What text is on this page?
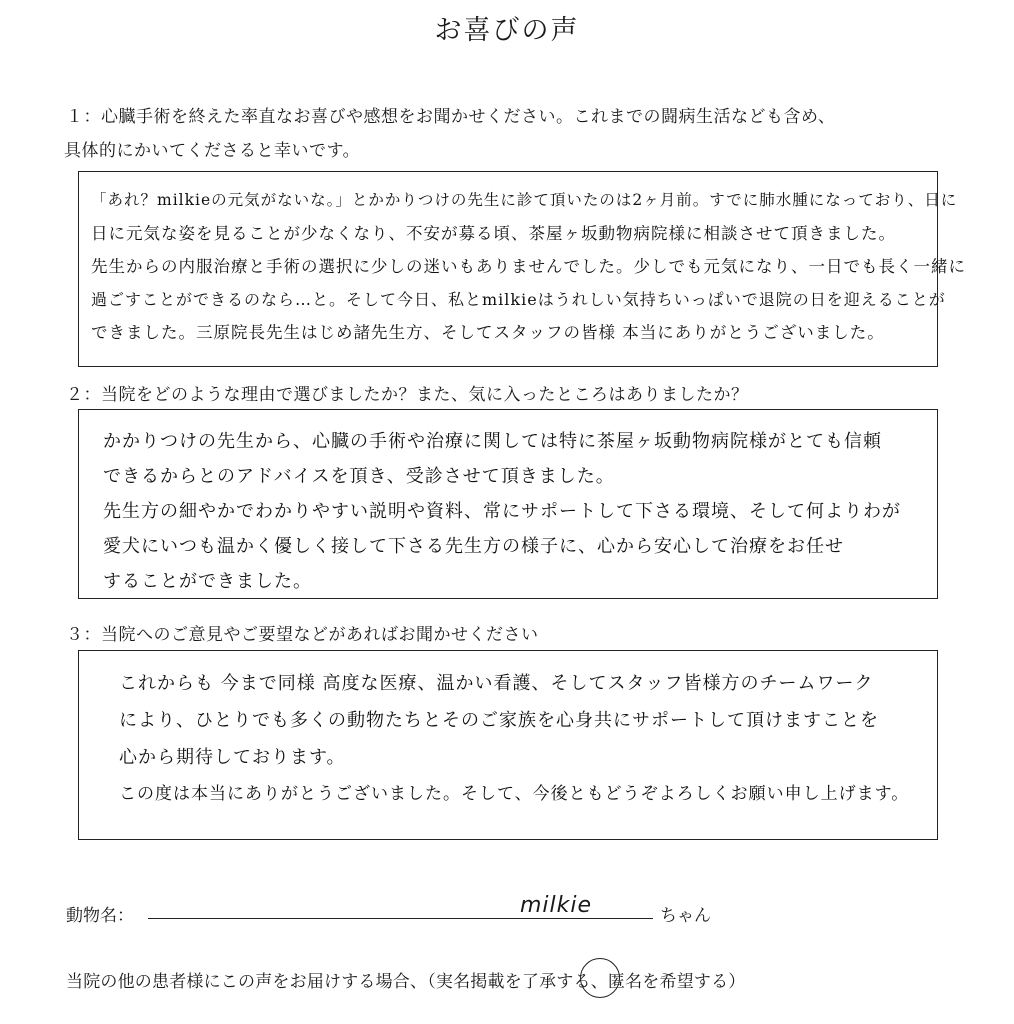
お喜びの声
１：心臓手術を終えた率直なお喜びや感想をお聞かせください。これまでの闘病生活なども含め、
具体的にかいてくださると幸いです。
「あれ？milkieの元気がないな。」とかかりつけの先生に診て頂いたのは2ヶ月前。すでに肺水腫になっており、日に
日に元気な姿を見ることが少なくなり、不安が募る頃、茶屋ヶ坂動物病院様に相談させて頂きました。
先生からの内服治療と手術の選択に少しの迷いもありませんでした。少しでも元気になり、一日でも長く一緒に
過ごすことができるのなら…と。そして今日、私とmilkieはうれしい気持ちいっぱいで退院の日を迎えることが
できました。三原院長先生はじめ諸先生方、そしてスタッフの皆様 本当にありがとうございました。
２：当院をどのような理由で選びましたか？また、気に入ったところはありましたか？
かかりつけの先生から、心臓の手術や治療に関しては特に茶屋ヶ坂動物病院様がとても信頼
できるからとのアドバイスを頂き、受診させて頂きました。
先生方の細やかでわかりやすい説明や資料、常にサポートして下さる環境、そして何よりわが
愛犬にいつも温かく優しく接して下さる先生方の様子に、心から安心して治療をお任せ
することができました。
３：当院へのご意見やご要望などがあればお聞かせください
これからも 今まで同様 高度な医療、温かい看護、そしてスタッフ皆様方のチームワーク
により、ひとりでも多くの動物たちとそのご家族を心身共にサポートして頂けますことを
心から期待しております。
この度は本当にありがとうございました。そして、今後ともどうぞよろしくお願い申し上げます。
動物名：	milkie	ちゃん
当院の他の患者様にこの声をお届けする場合、（実名掲載を了承する、匿名を希望する）
